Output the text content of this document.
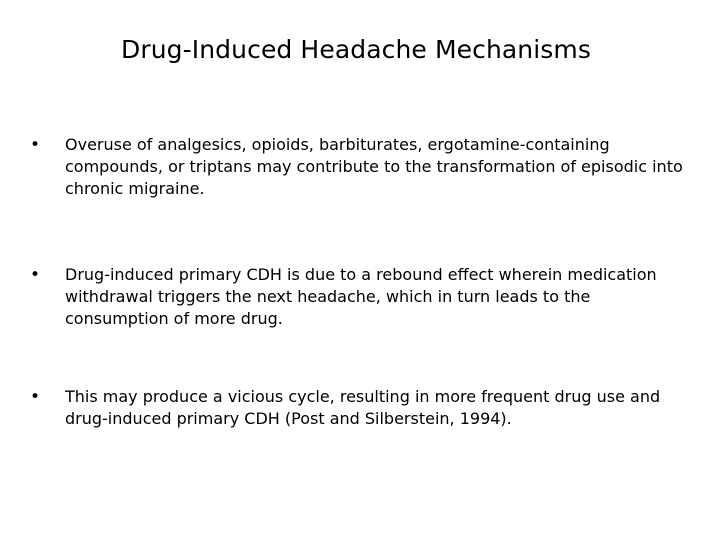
Drug-Induced Headache Mechanisms
•	Overuse of analgesics, opioids, barbiturates, ergotamine-containing compounds, or triptans may contribute to the transformation of episodic into chronic migraine.
•	Drug-induced primary CDH is due to a rebound effect wherein medication withdrawal triggers the next headache, which in turn leads to the consumption of more drug.
•	This may produce a vicious cycle, resulting in more frequent drug use and drug-induced primary CDH (Post and Silberstein, 1994).
